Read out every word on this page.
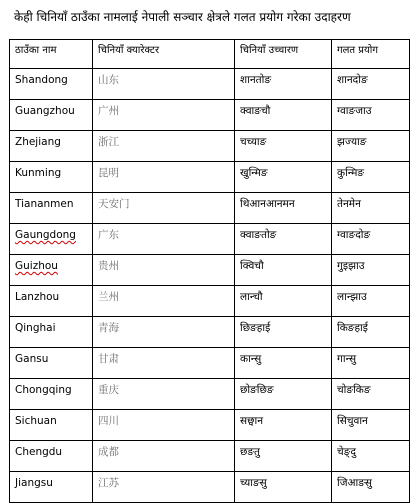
केही चिनियाँ ठाउँका नामलाई नेपाली सञ्चार क्षेत्रले गलत प्रयोग गरेका उदाहरण
ठाउँका नाम	चिनियाँ क्यारेक्टर	चिनियाँ उच्चारण	गलत प्रयोग
Shandong	山东	शानतोङ	शानदोङ
Guangzhou	广州	क्वाङचौ	ग्वाङजाउ
Zhejiang	浙江	चच्याङ	झज्याङ
Kunming	昆明	खुन्मिङ	कुन्मिङ
Tiananmen	天安门	थिआनआनमन	तेनमेन
Gaungdong	广东	क्वाङतोङ	ग्वाङदोङ
Guizhou	贵州	क्विचौ	गुइझाउ
Lanzhou	兰州	लान्चौ	लान्झाउ
Qinghai	青海	छिङहाई	किङहाई
Gansu	甘肃	कान्सु	गान्सु
Chongqing	重庆	छोङछिङ	चोङकिङ
Sichuan	四川	सछ्वान	सिचुवान
Chengdu	成都	छङतु	चेङ्दु
Jiangsu	江苏	च्याङसु	जिआङसु
